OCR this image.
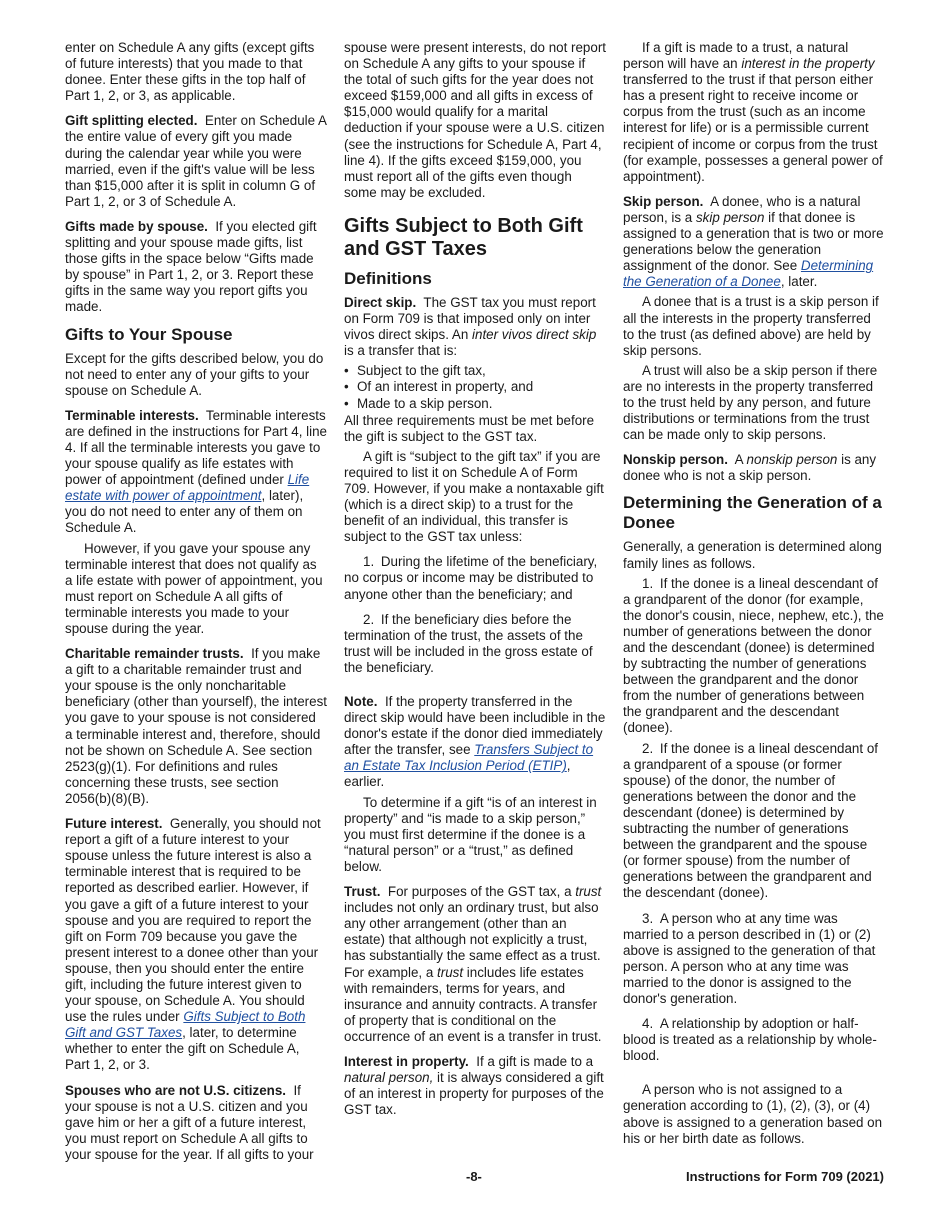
enter on Schedule A any gifts (except gifts of future interests) that you made to that donee. Enter these gifts in the top half of Part 1, 2, or 3, as applicable.

Gift splitting elected. Enter on Schedule A the entire value of every gift you made during the calendar year while you were married, even if the gift's value will be less than $15,000 after it is split in column G of Part 1, 2, or 3 of Schedule A.

Gifts made by spouse. If you elected gift splitting and your spouse made gifts, list those gifts in the space below “Gifts made by spouse” in Part 1, 2, or 3. Report these gifts in the same way you report gifts you made.

Gifts to Your Spouse

Except for the gifts described below, you do not need to enter any of your gifts to your spouse on Schedule A.

Terminable interests. Terminable interests are defined in the instructions for Part 4, line 4. If all the terminable interests you gave to your spouse qualify as life estates with power of appointment (defined under Life estate with power of appointment, later), you do not need to enter any of them on Schedule A.

However, if you gave your spouse any terminable interest that does not qualify as a life estate with power of appointment, you must report on Schedule A all gifts of terminable interests you made to your spouse during the year.

Charitable remainder trusts. If you make a gift to a charitable remainder trust and your spouse is the only noncharitable beneficiary (other than yourself), the interest you gave to your spouse is not considered a terminable interest and, therefore, should not be shown on Schedule A. See section 2523(g)(1). For definitions and rules concerning these trusts, see section 2056(b)(8)(B).

Future interest. Generally, you should not report a gift of a future interest to your spouse unless the future interest is also a terminable interest that is required to be reported as described earlier. However, if you gave a gift of a future interest to your spouse and you are required to report the gift on Form 709 because you gave the present interest to a donee other than your spouse, then you should enter the entire gift, including the future interest given to your spouse, on Schedule A. You should use the rules under Gifts Subject to Both Gift and GST Taxes, later, to determine whether to enter the gift on Schedule A, Part 1, 2, or 3.

Spouses who are not U.S. citizens. If your spouse is not a U.S. citizen and you gave him or her a gift of a future interest, you must report on Schedule A all gifts to your spouse for the year. If all gifts to your

spouse were present interests, do not report on Schedule A any gifts to your spouse if the total of such gifts for the year does not exceed $159,000 and all gifts in excess of $15,000 would qualify for a marital deduction if your spouse were a U.S. citizen (see the instructions for Schedule A, Part 4, line 4). If the gifts exceed $159,000, you must report all of the gifts even though some may be excluded.

Gifts Subject to Both Gift and GST Taxes
Definitions

Direct skip. The GST tax you must report on Form 709 is that imposed only on inter vivos direct skips. An inter vivos direct skip is a transfer that is:

• Subject to the gift tax,
• Of an interest in property, and
• Made to a skip person.

All three requirements must be met before the gift is subject to the GST tax.

A gift is “subject to the gift tax” if you are required to list it on Schedule A of Form 709. However, if you make a nontaxable gift (which is a direct skip) to a trust for the benefit of an individual, this transfer is subject to the GST tax unless:

1. During the lifetime of the beneficiary, no corpus or income may be distributed to anyone other than the beneficiary; and

2. If the beneficiary dies before the termination of the trust, the assets of the trust will be included in the gross estate of the beneficiary.

Note. If the property transferred in the direct skip would have been includible in the donor's estate if the donor died immediately after the transfer, see Transfers Subject to an Estate Tax Inclusion Period (ETIP), earlier.

To determine if a gift “is of an interest in property” and “is made to a skip person,” you must first determine if the donee is a “natural person” or a “trust,” as defined below.

Trust. For purposes of the GST tax, a trust includes not only an ordinary trust, but also any other arrangement (other than an estate) that although not explicitly a trust, has substantially the same effect as a trust. For example, a trust includes life estates with remainders, terms for years, and insurance and annuity contracts. A transfer of property that is conditional on the occurrence of an event is a transfer in trust.

Interest in property. If a gift is made to a natural person, it is always considered a gift of an interest in property for purposes of the GST tax.

If a gift is made to a trust, a natural person will have an interest in the property transferred to the trust if that person either has a present right to receive income or corpus from the trust (such as an income interest for life) or is a permissible current recipient of income or corpus from the trust (for example, possesses a general power of appointment).

Skip person. A donee, who is a natural person, is a skip person if that donee is assigned to a generation that is two or more generations below the generation assignment of the donor. See Determining the Generation of a Donee, later.

A donee that is a trust is a skip person if all the interests in the property transferred to the trust (as defined above) are held by skip persons.

A trust will also be a skip person if there are no interests in the property transferred to the trust held by any person, and future distributions or terminations from the trust can be made only to skip persons.

Nonskip person. A nonskip person is any donee who is not a skip person.

Determining the Generation of a Donee

Generally, a generation is determined along family lines as follows.

1. If the donee is a lineal descendant of a grandparent of the donor (for example, the donor's cousin, niece, nephew, etc.), the number of generations between the donor and the descendant (donee) is determined by subtracting the number of generations between the grandparent and the donor from the number of generations between the grandparent and the descendant (donee).

2. If the donee is a lineal descendant of a grandparent of a spouse (or former spouse) of the donor, the number of generations between the donor and the descendant (donee) is determined by subtracting the number of generations between the grandparent and the spouse (or former spouse) from the number of generations between the grandparent and the descendant (donee).

3. A person who at any time was married to a person described in (1) or (2) above is assigned to the generation of that person. A person who at any time was married to the donor is assigned to the donor's generation.

4. A relationship by adoption or half-blood is treated as a relationship by whole-blood.

A person who is not assigned to a generation according to (1), (2), (3), or (4) above is assigned to a generation based on his or her birth date as follows.

-8-	Instructions for Form 709 (2021)
